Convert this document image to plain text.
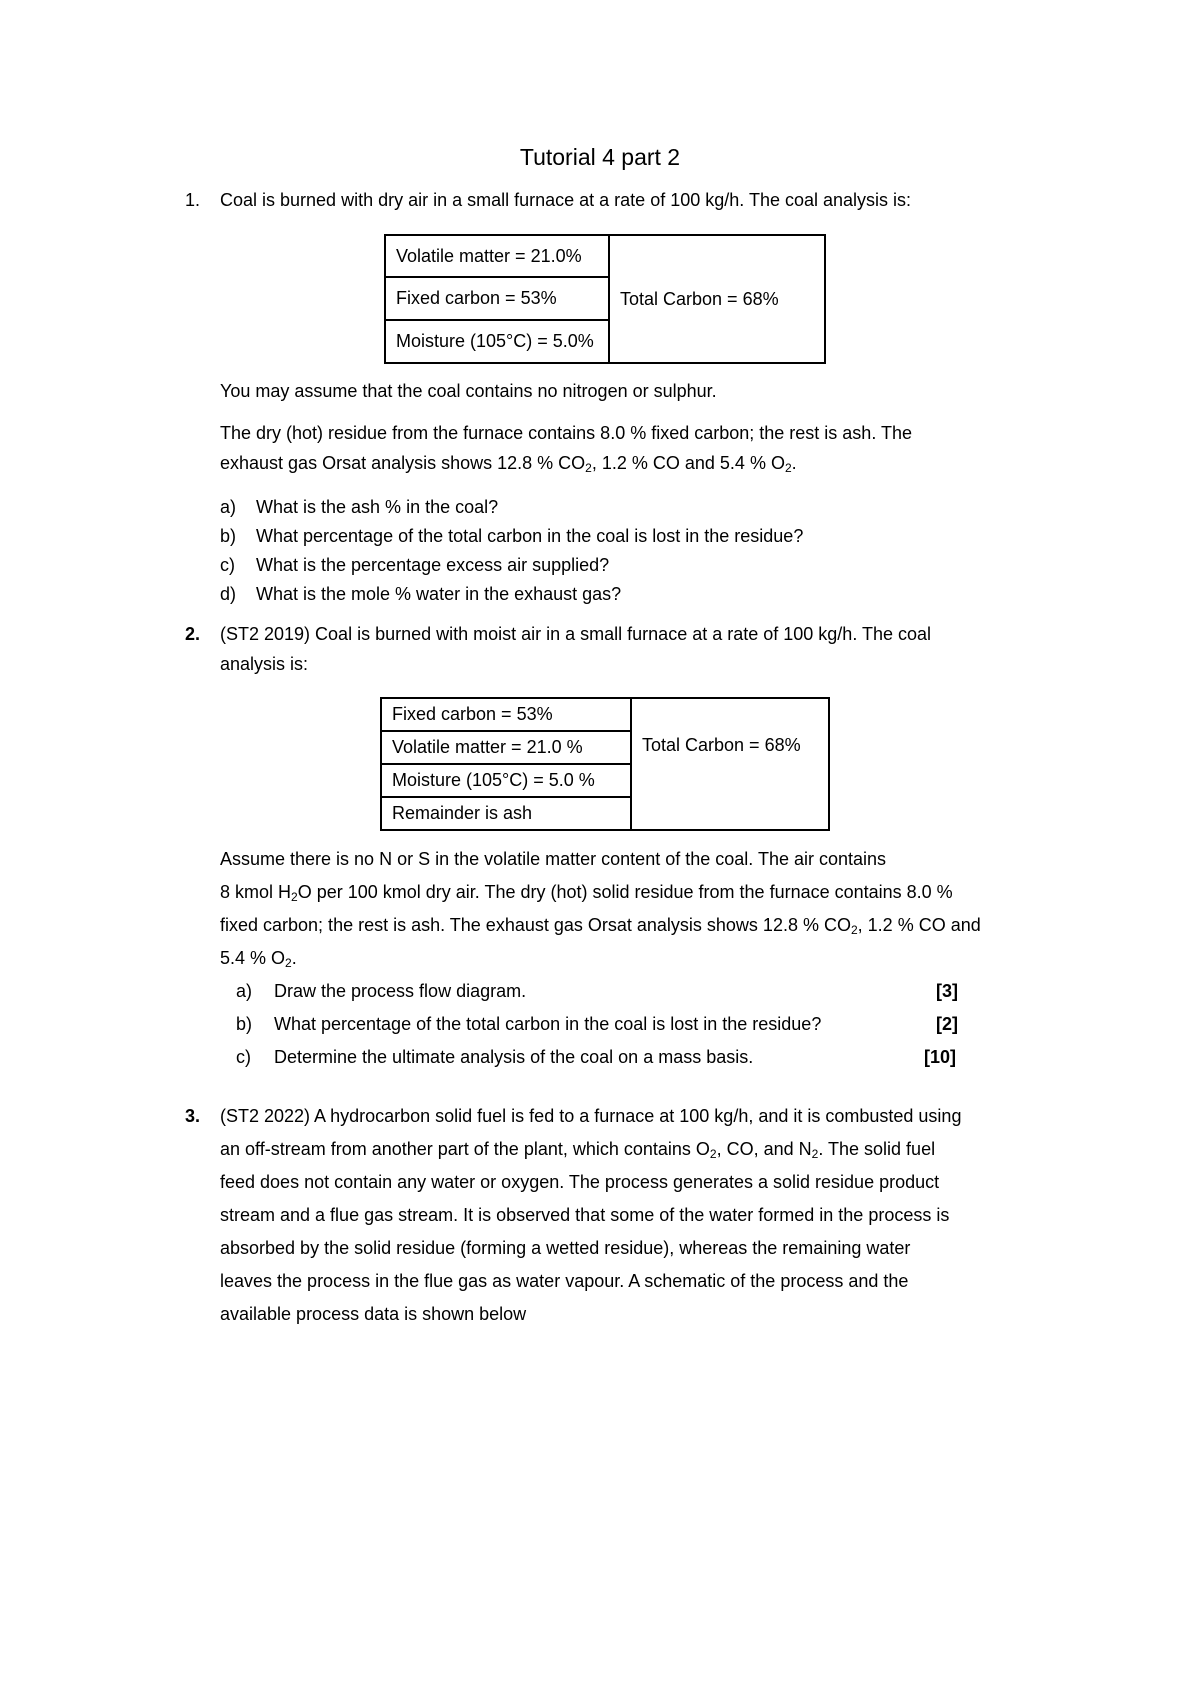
Tutorial 4 part 2
1. Coal is burned with dry air in a small furnace at a rate of 100 kg/h. The coal analysis is:
Volatile matter = 21.0%	Total Carbon = 68%
Fixed carbon = 53%
Moisture (105°C) = 5.0%
You may assume that the coal contains no nitrogen or sulphur.
The dry (hot) residue from the furnace contains 8.0 % fixed carbon; the rest is ash. The
exhaust gas Orsat analysis shows 12.8 % $CO_2$, 1.2 % CO and 5.4 % $O_2$.
a) What is the ash % in the coal?
b) What percentage of the total carbon in the coal is lost in the residue?
c) What is the percentage excess air supplied?
d) What is the mole % water in the exhaust gas?
2. (ST2 2019) Coal is burned with moist air in a small furnace at a rate of 100 kg/h. The coal
analysis is:
Fixed carbon = 53%	Total Carbon = 68%
Volatile matter = 21.0 %
Moisture (105°C) = 5.0 %
Remainder is ash
Assume there is no N or S in the volatile matter content of the coal. The air contains
8 kmol $H_2O$ per 100 kmol dry air. The dry (hot) solid residue from the furnace contains 8.0 %
fixed carbon; the rest is ash. The exhaust gas Orsat analysis shows 12.8 % $CO_2$, 1.2 % CO and
5.4 % $O_2$.
a) Draw the process flow diagram.	[3]
b) What percentage of the total carbon in the coal is lost in the residue?	[2]
c) Determine the ultimate analysis of the coal on a mass basis.	[10]
3. (ST2 2022) A hydrocarbon solid fuel is fed to a furnace at 100 kg/h, and it is combusted using
an off-stream from another part of the plant, which contains $O_2$, CO, and $N_2$. The solid fuel
feed does not contain any water or oxygen. The process generates a solid residue product
stream and a flue gas stream. It is observed that some of the water formed in the process is
absorbed by the solid residue (forming a wetted residue), whereas the remaining water
leaves the process in the flue gas as water vapour. A schematic of the process and the
available process data is shown below
